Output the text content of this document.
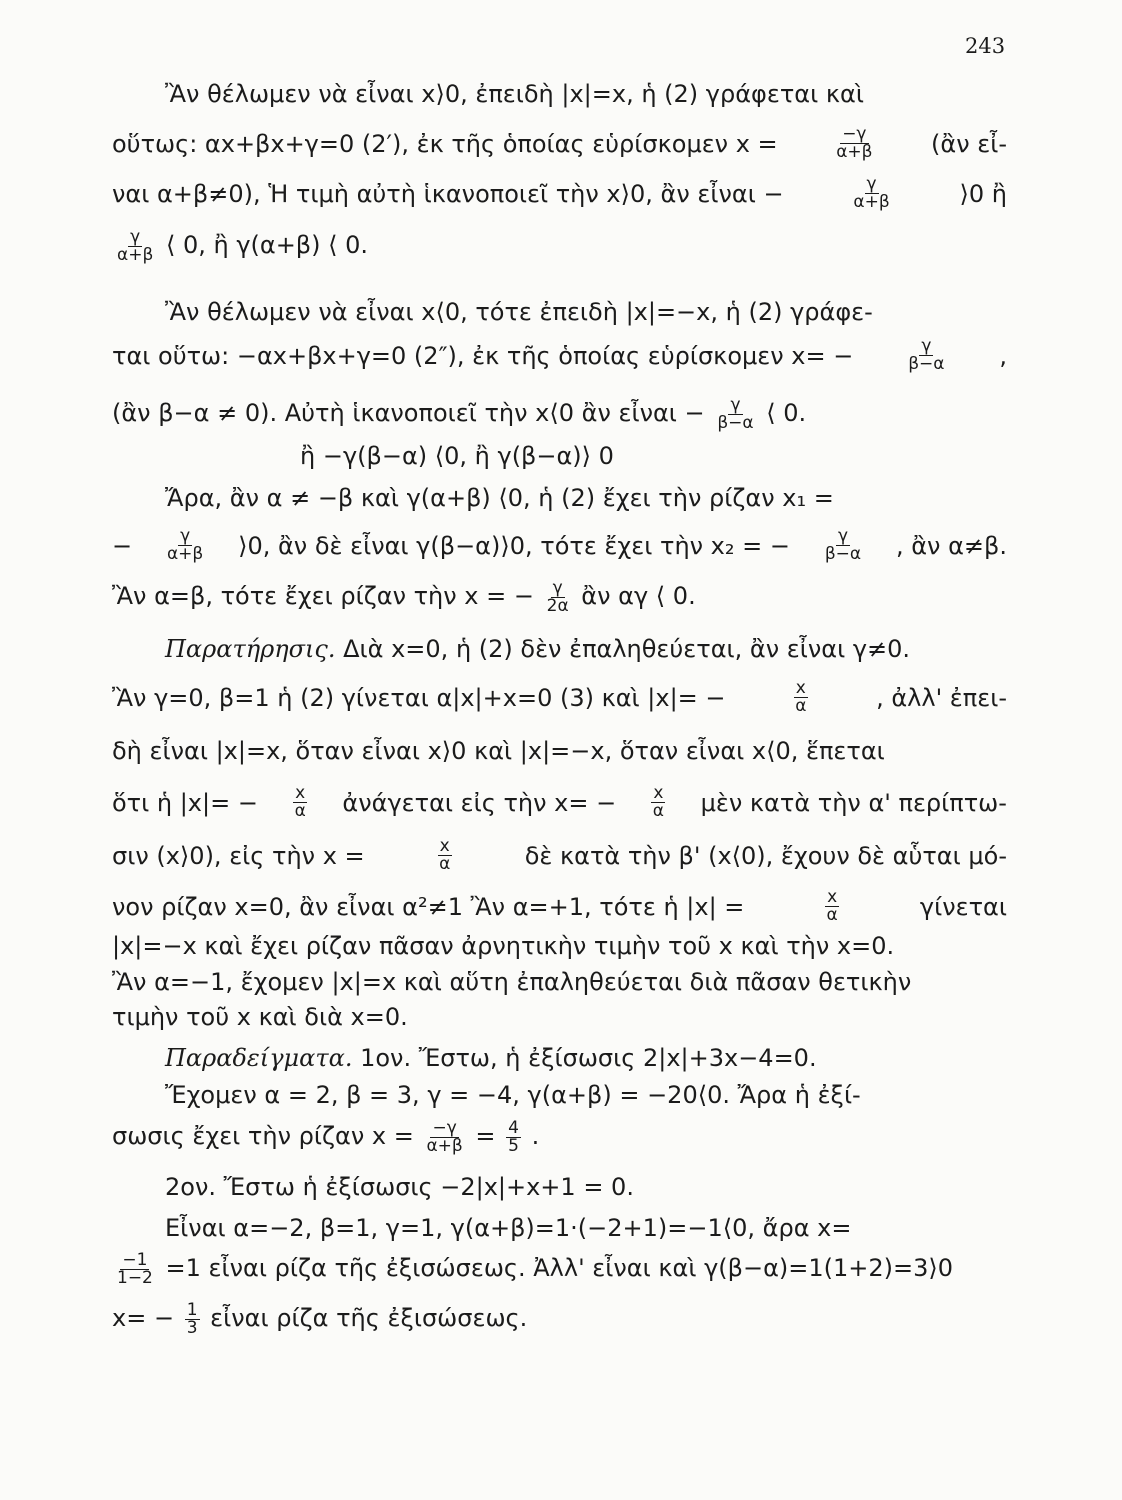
243
Ἂν θέλωμεν νὰ εἶναι x⟩0, ἐπειδὴ |x|=x, ἡ (2) γράφεται καὶ
οὕτως: αx+βx+γ=0 (2′), ἐκ τῆς ὁποίας εὑρίσκομεν x =	$\frac{-\gamma}{\alpha+\beta}$ (ἂν εἶ-
ναι α+β≠0), Ἡ τιμὴ αὐτὴ ἱκανοποιεῖ τὴν x⟩0, ἂν εἶναι −	$\frac{\gamma}{\alpha+\beta}$	⟩0 ἢ
$\frac{\gamma}{\alpha+\beta}$ ⟨ 0, ἢ γ(α+β) ⟨ 0.
Ἂν θέλωμεν νὰ εἶναι x⟨0, τότε ἐπειδὴ |x|=−x, ἡ (2) γράφε-
ται οὕτω: −αx+βx+γ=0 (2″), ἐκ τῆς ὁποίας εὑρίσκομεν x= −	$\frac{\gamma}{\beta-\alpha}$ ,
(ἂν β−α ≠ 0). Αὐτὴ ἱκανοποιεῖ τὴν x⟨0 ἂν εἶναι − $\frac{\gamma}{\beta-\alpha}$ ⟨ 0.
ἢ −γ(β−α) ⟨0, ἢ γ(β−α)⟩ 0
Ἄρα, ἂν α ≠ −β καὶ γ(α+β) ⟨0, ἡ (2) ἔχει τὴν ρίζαν x₁ =
− $\frac{\gamma}{\alpha+\beta}$ ⟩0, ἂν δὲ εἶναι γ(β−α)⟩0, τότε ἔχει τὴν x₂ = − $\frac{\gamma}{\beta-\alpha}$ , ἂν α≠β.
Ἂν α=β, τότε ἔχει ρίζαν τὴν x = − $\frac{\gamma}{2\alpha}$ ἂν αγ ⟨ 0.
Παρατήρησις. Διὰ x=0, ἡ (2) δὲν ἐπαληθεύεται, ἂν εἶναι γ≠0.
Ἂν γ=0, β=1 ἡ (2) γίνεται α|x|+x=0 (3) καὶ |x|= −	$\frac{x}{\alpha}$	, ἀλλ' ἐπει-
δὴ εἶναι |x|=x, ὅταν εἶναι x⟩0 καὶ |x|=−x, ὅταν εἶναι x⟨0, ἕπεται
ὅτι ἡ $|x|= - \frac{x}{\alpha}$ ἀνάγεται εἰς τὴν $x= - \frac{x}{\alpha}$ μὲν κατὰ τὴν α' περίπτω-
σιν (x⟩0), εἰς τὴν x =	$\frac{x}{\alpha}$	δὲ κατὰ τὴν β' (x⟨0), ἔχουν δὲ αὗται μό-
νον ρίζαν x=0, ἂν εἶναι α²≠1 Ἂν α=+1, τότε ἡ |x| =	$\frac{x}{\alpha}$	γίνεται
|x|=−x καὶ ἔχει ρίζαν πᾶσαν ἀρνητικὴν τιμὴν τοῦ x καὶ τὴν x=0.
Ἂν α=−1, ἔχομεν |x|=x καὶ αὕτη ἐπαληθεύεται διὰ πᾶσαν θετικὴν
τιμὴν τοῦ x καὶ διὰ x=0.
Παραδείγματα. 1ον. Ἔστω, ἡ ἐξίσωσις 2|x|+3x−4=0.
Ἔχομεν α = 2, β = 3, γ = −4, γ(α+β) = −20⟨0. Ἄρα ἡ ἐξί-
σωσις ἔχει τὴν ρίζαν $x = \frac{-\gamma}{\alpha+\beta} = \frac{4}{5}$ .
2ον. Ἔστω ἡ ἐξίσωσις −2|x|+x+1 = 0.
Εἶναι α=−2, β=1, γ=1, γ(α+β)=1·(−2+1)=−1⟨0, ἄρα x=
$\frac{-1}{1-2} =1$ εἶναι ρίζα τῆς ἐξισώσεως. Ἀλλ' εἶναι καὶ γ(β−α)=1(1+2)=3⟩0
$x= - \frac{1}{3}$ εἶναι ρίζα τῆς ἐξισώσεως.
